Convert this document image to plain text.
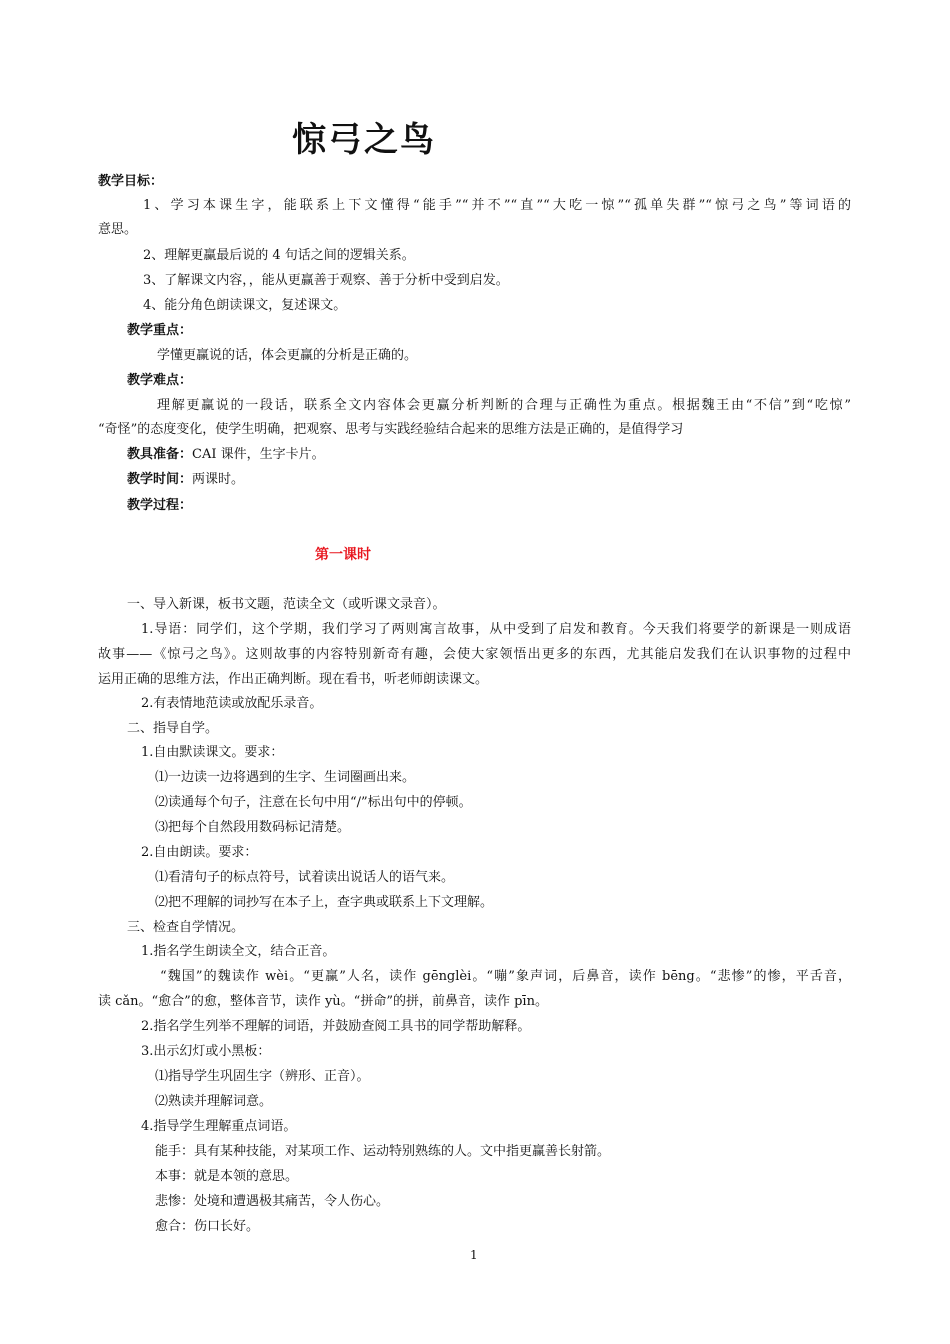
惊弓之鸟
教学目标：
1、学习本课生字，能联系上下文懂得“能手”“并不”“直”“大吃一惊”“孤单失群”“惊弓之鸟”等词语的
意思。
2、理解更赢最后说的 4 句话之间的逻辑关系。
3、了解课文内容，，能从更赢善于观察、善于分析中受到启发。
4、能分角色朗读课文，复述课文。
教学重点：
学懂更赢说的话，体会更赢的分析是正确的。
教学难点：
理解更赢说的一段话，联系全文内容体会更赢分析判断的合理与正确性为重点。根据魏王由“不信”到“吃惊”
“奇怪”的态度变化，使学生明确，把观察、思考与实践经验结合起来的思维方法是正确的，是值得学习
教具准备：CAI 课件，生字卡片。
教学时间：两课时。
教学过程：
第一课时
一、导入新课，板书文题，范读全文（或听课文录音）。
1.导语：同学们，这个学期，我们学习了两则寓言故事，从中受到了启发和教育。今天我们将要学的新课是一则成语
故事——《惊弓之鸟》。这则故事的内容特别新奇有趣，会使大家领悟出更多的东西，尤其能启发我们在认识事物的过程中
运用正确的思维方法，作出正确判断。现在看书，听老师朗读课文。
2.有表情地范读或放配乐录音。
二、指导自学。
1.自由默读课文。要求：
⑴一边读一边将遇到的生字、生词圈画出来。
⑵读通每个句子，注意在长句中用“/”标出句中的停顿。
⑶把每个自然段用数码标记清楚。
2.自由朗读。要求：
⑴看清句子的标点符号，试着读出说话人的语气来。
⑵把不理解的词抄写在本子上，查字典或联系上下文理解。
三、检查自学情况。
1.指名学生朗读全文，结合正音。
“魏国”的魏读作 wèi。“更赢”人名，读作 gēnglèi。“嘣”象声词，后鼻音，读作 bēng。“悲惨”的惨，平舌音，
读 cǎn。“愈合”的愈，整体音节，读作 yù。“拼命”的拼，前鼻音，读作 pīn。
2.指名学生列举不理解的词语，并鼓励查阅工具书的同学帮助解释。
3.出示幻灯或小黑板：
⑴指导学生巩固生字（辨形、正音）。
⑵熟读并理解词意。
4.指导学生理解重点词语。
能手：具有某种技能，对某项工作、运动特别熟练的人。文中指更赢善长射箭。
本事：就是本领的意思。
悲惨：处境和遭遇极其痛苦，令人伤心。
愈合：伤口长好。
1
